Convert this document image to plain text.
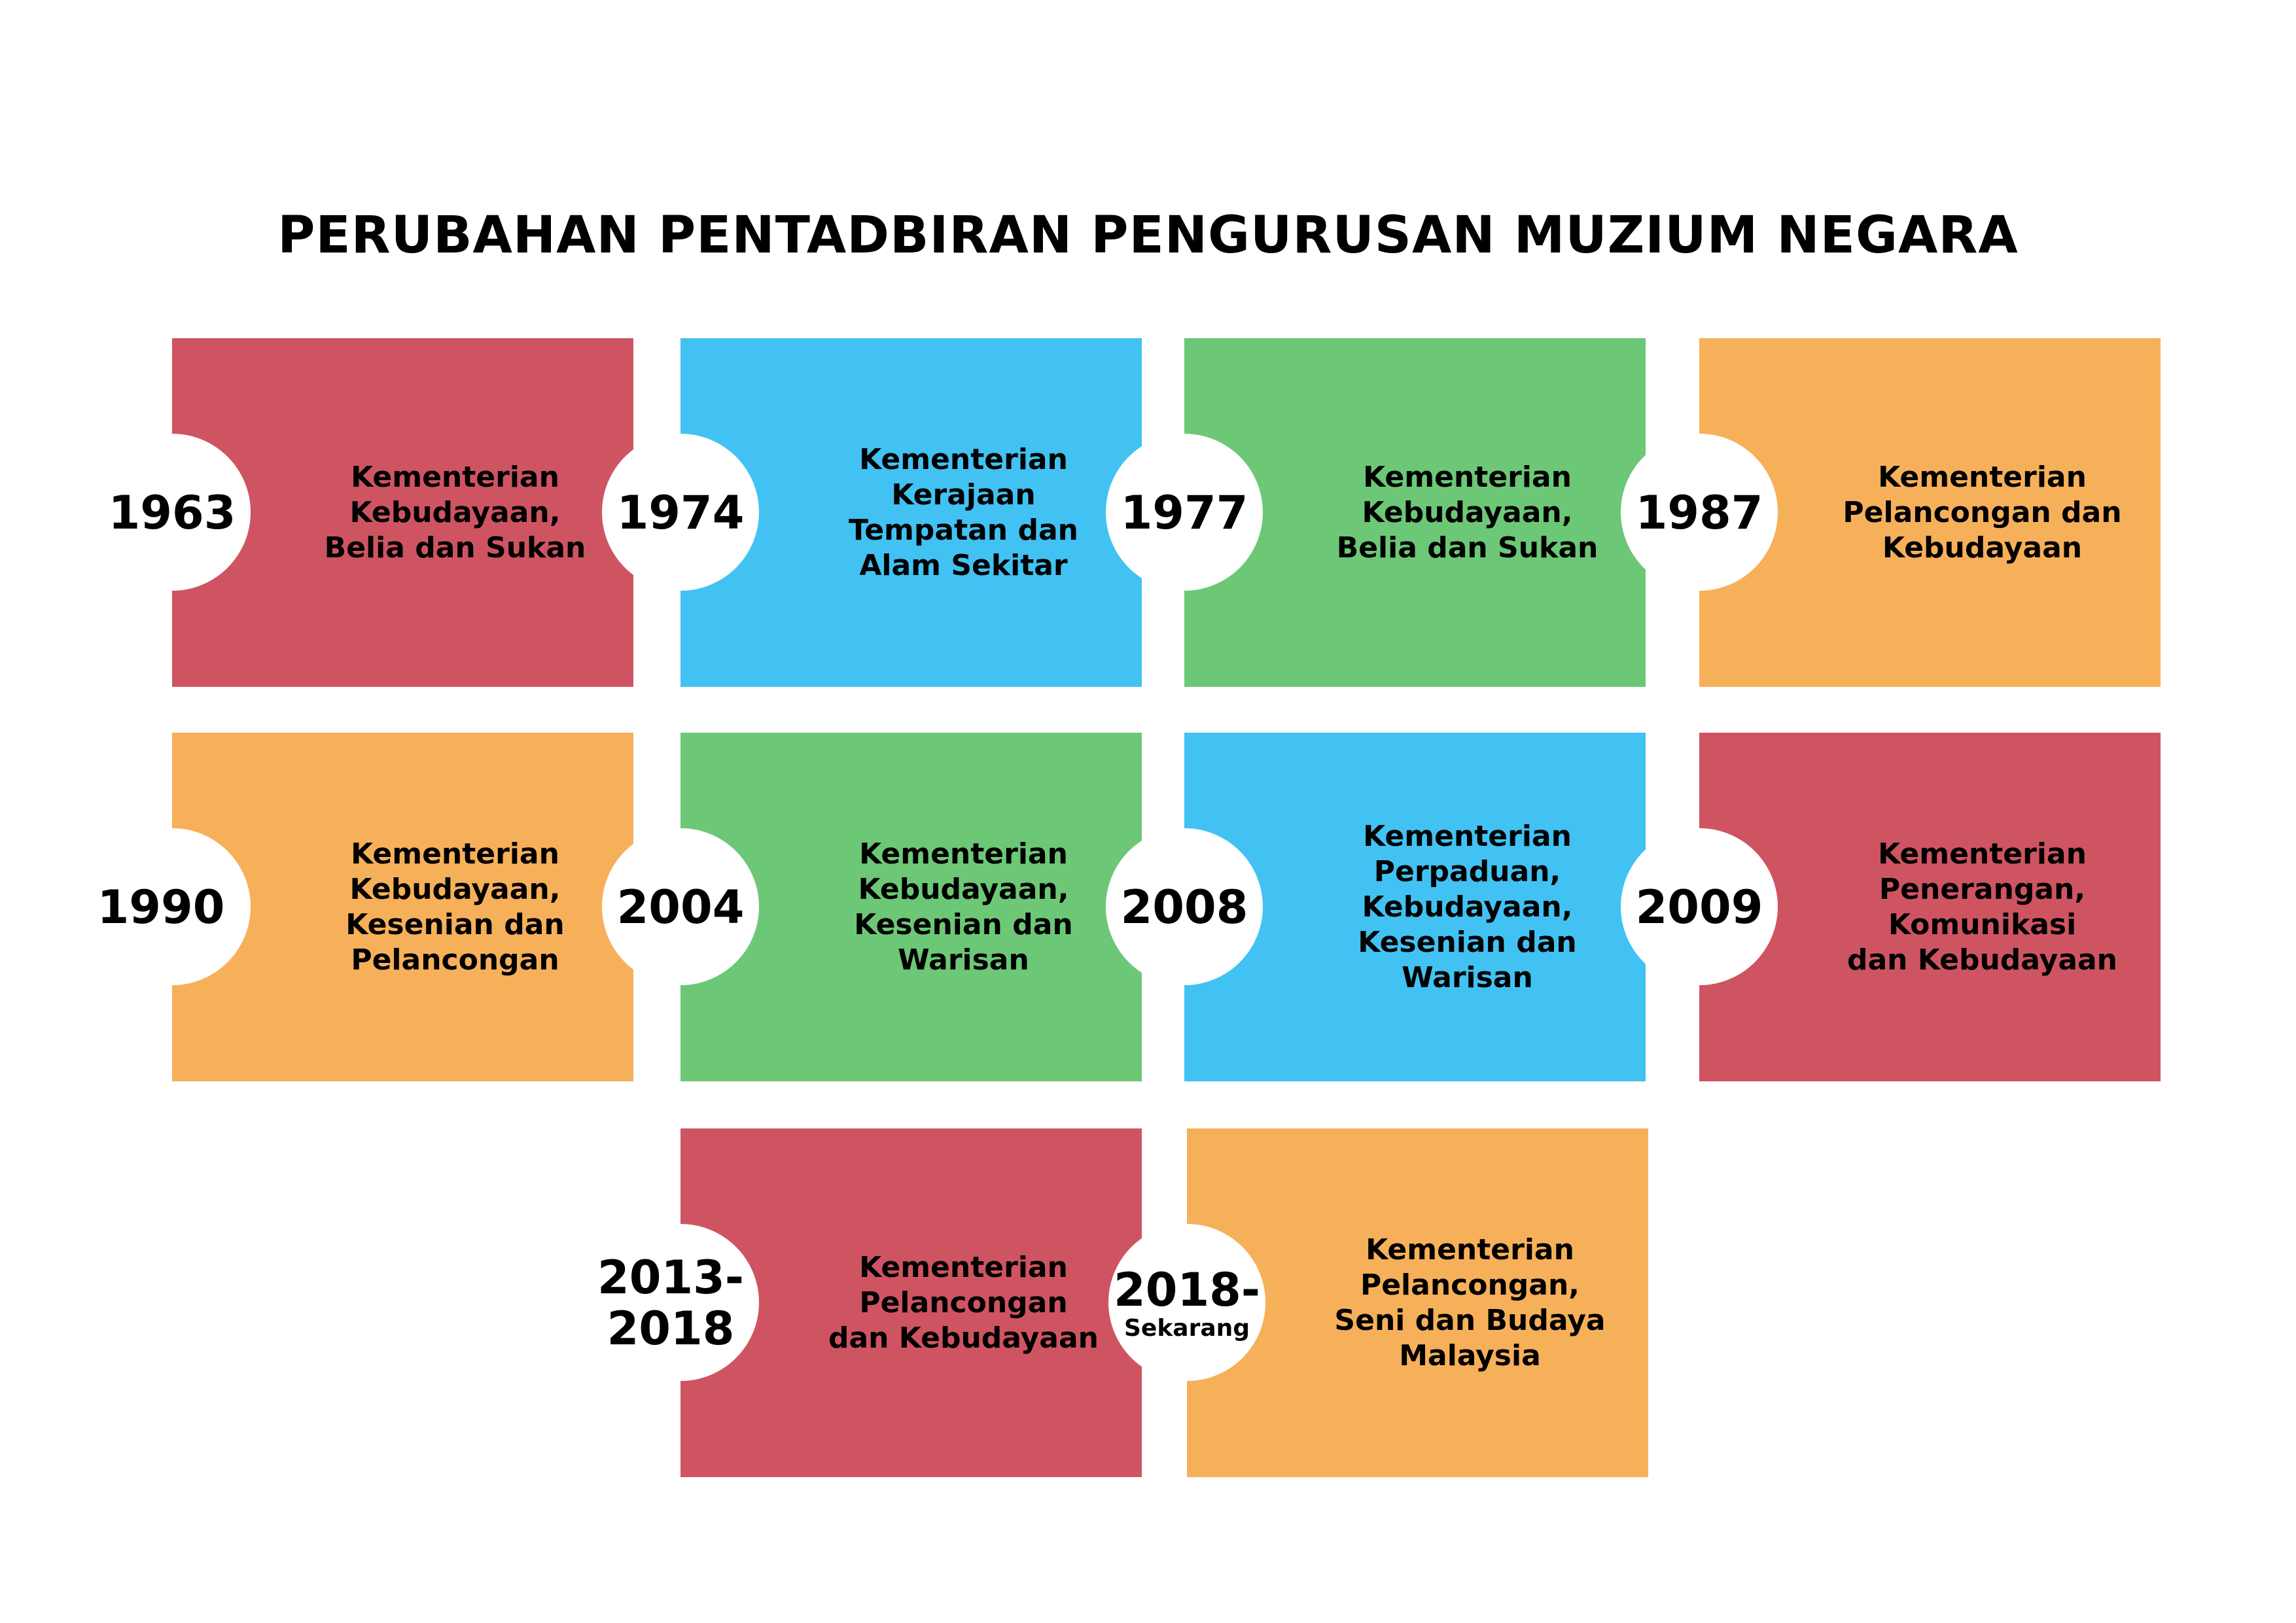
PERUBAHAN PENTADBIRAN PENGURUSAN MUZIUM NEGARA
1963
Kementerian
Kebudayaan,
Belia dan Sukan
1974
Kementerian
Kerajaan
Tempatan dan
Alam Sekitar
1977
Kementerian
Kebudayaan,
Belia dan Sukan
1987
Kementerian
Pelancongan dan
Kebudayaan
1990
Kementerian
Kebudayaan,
Kesenian dan
Pelancongan
2004
Kementerian
Kebudayaan,
Kesenian dan
Warisan
2008
Kementerian
Perpaduan,
Kebudayaan,
Kesenian dan
Warisan
2009
Kementerian
Penerangan,
Komunikasi
dan Kebudayaan
2013-
2018
Kementerian
Pelancongan
dan Kebudayaan

2018-

Sekarang

Kementerian
Pelancongan,
Seni dan Budaya
Malaysia
